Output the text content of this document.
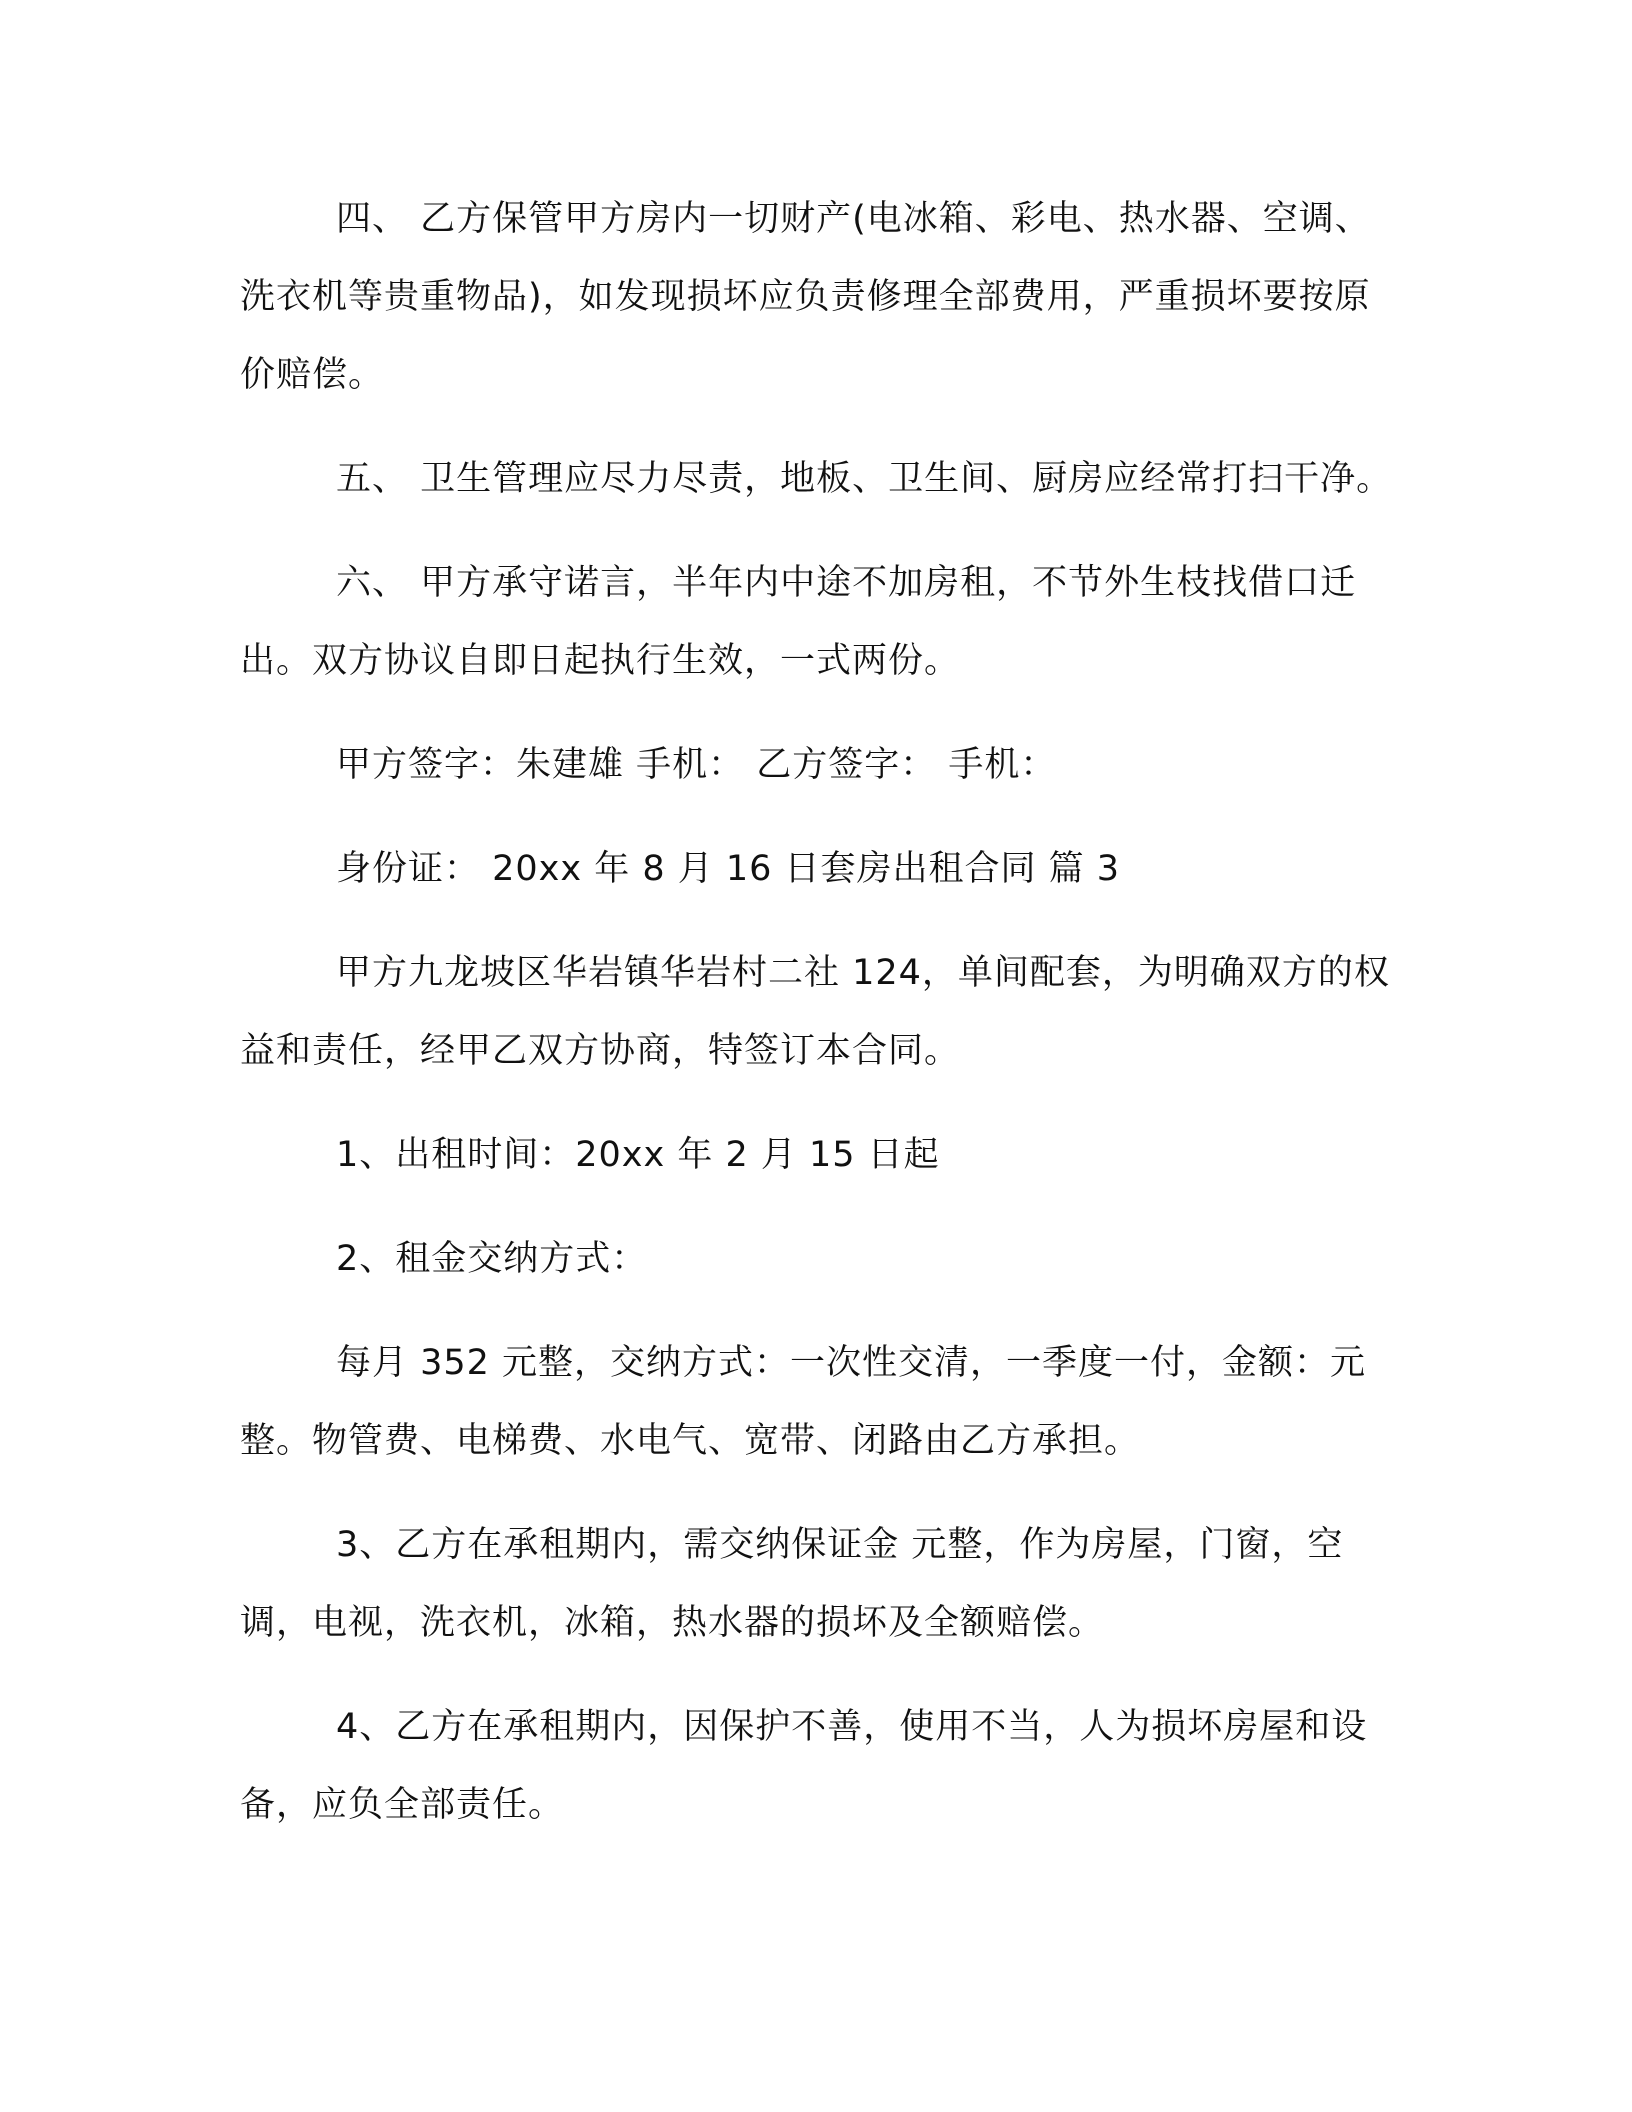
四、 乙方保管甲方房内一切财产(电冰箱、彩电、热水器、空调、洗衣机等贵重物品)，如发现损坏应负责修理全部费用，严重损坏要按原价赔偿。

五、 卫生管理应尽力尽责，地板、卫生间、厨房应经常打扫干净。

六、 甲方承守诺言，半年内中途不加房租，不节外生枝找借口迁出。双方协议自即日起执行生效，一式两份。

甲方签字：朱建雄 手机： 乙方签字： 手机：

身份证： 20xx 年 8 月 16 日套房出租合同 篇 3

甲方九龙坡区华岩镇华岩村二社 124，单间配套，为明确双方的权益和责任，经甲乙双方协商，特签订本合同。

1、出租时间：20xx 年 2 月 15 日起

2、租金交纳方式：

每月 352 元整，交纳方式：一次性交清，一季度一付，金额：元整。物管费、电梯费、水电气、宽带、闭路由乙方承担。

3、乙方在承租期内，需交纳保证金 元整，作为房屋，门窗，空调，电视，洗衣机，冰箱，热水器的损坏及全额赔偿。

4、乙方在承租期内，因保护不善，使用不当，人为损坏房屋和设备，应负全部责任。
